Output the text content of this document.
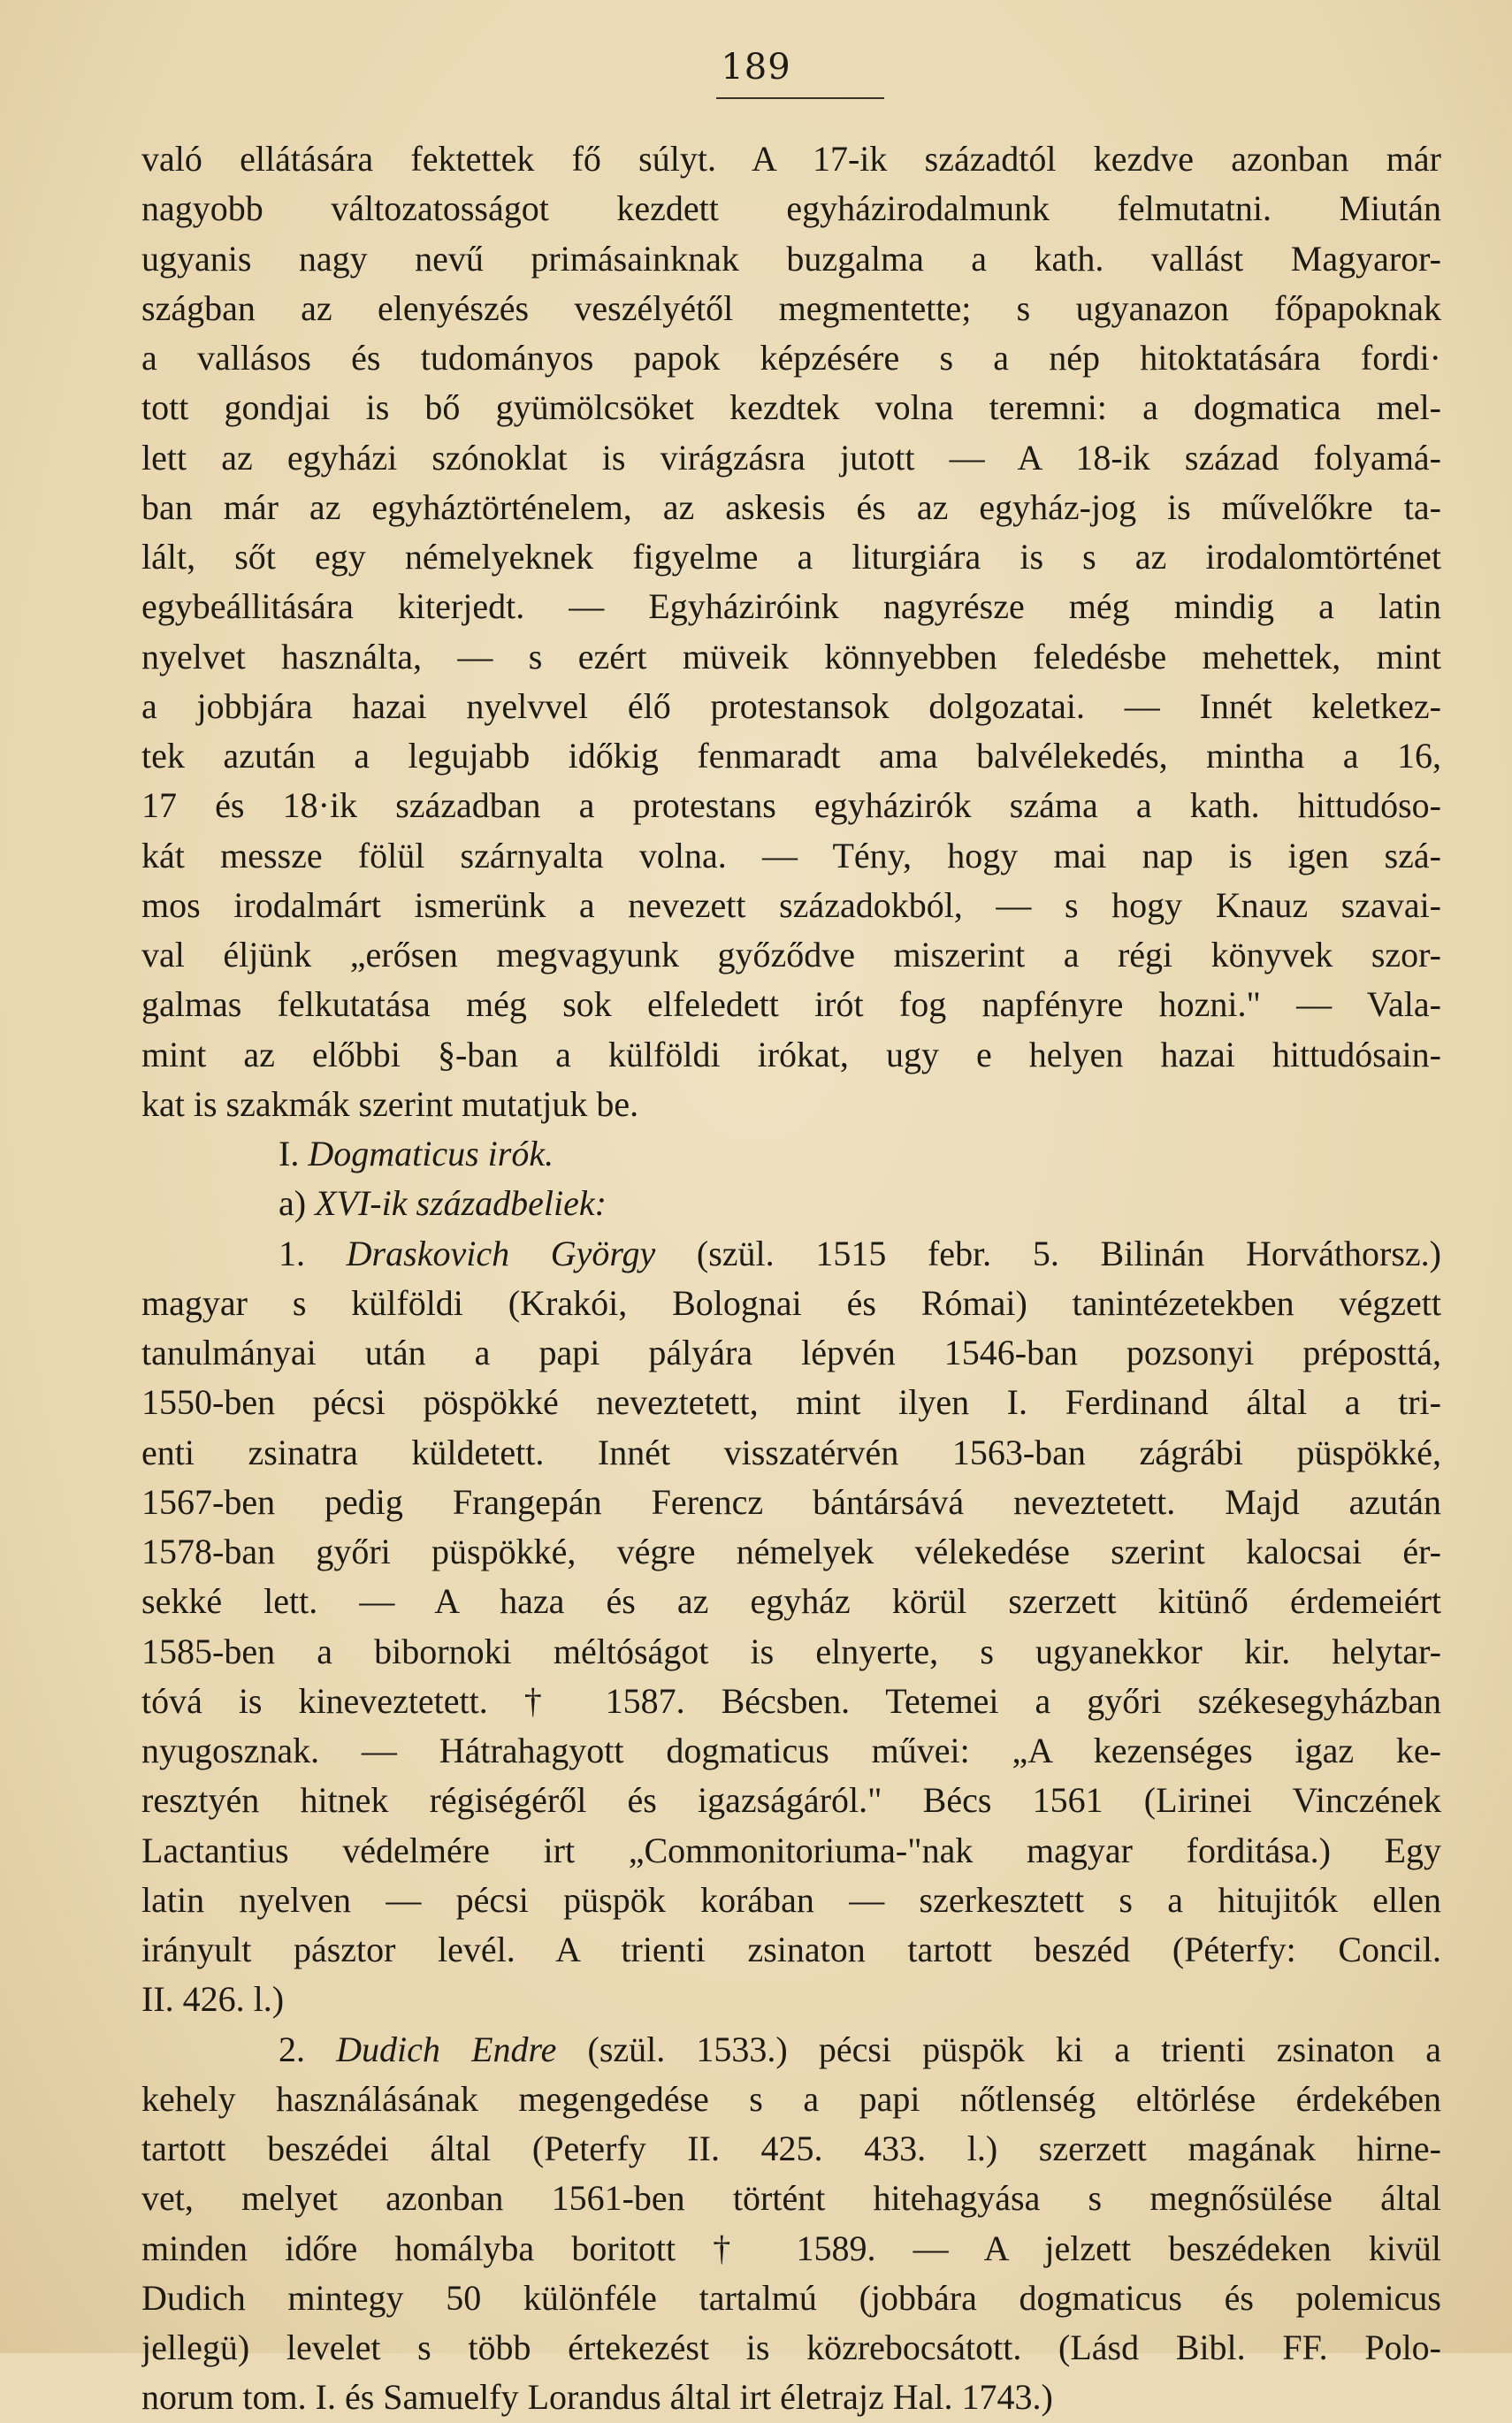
189
való ellátására fektettek fő súlyt. A 17-ik századtól kezdve azonban már
nagyobb változatosságot kezdett egyházirodalmunk felmutatni. Miután
ugyanis nagy nevű primásainknak buzgalma a kath. vallást Magyaror-
szágban az elenyészés veszélyétől megmentette; s ugyanazon főpapoknak
a vallásos és tudományos papok képzésére s a nép hitoktatására fordi·
tott gondjai is bő gyümölcsöket kezdtek volna teremni: a dogmatica mel-
lett az egyházi szónoklat is virágzásra jutott — A 18-ik század folyamá-
ban már az egyháztörténelem, az askesis és az egyház-jog is művelőkre ta-
lált, sőt egy némelyeknek figyelme a liturgiára is s az irodalomtörténet
egybeállitására kiterjedt. — Egyháziróink nagyrésze még mindig a latin
nyelvet használta, — s ezért müveik könnyebben feledésbe mehettek, mint
a jobbjára hazai nyelvvel élő protestansok dolgozatai. — Innét keletkez-
tek azután a legujabb időkig fenmaradt ama balvélekedés, mintha a 16,
17 és 18·ik században a protestans egyházirók száma a kath. hittudóso-
kát messze fölül szárnyalta volna. — Tény, hogy mai nap is igen szá-
mos irodalmárt ismerünk a nevezett századokból, — s hogy Knauz szavai-
val éljünk „erősen megvagyunk győződve miszerint a régi könyvek szor-
galmas felkutatása még sok elfeledett irót fog napfényre hozni." — Vala-
mint az előbbi §-ban a külföldi irókat, ugy e helyen hazai hittudósain-
kat is szakmák szerint mutatjuk be.
I. Dogmaticus irók.
a) XVI-ik századbeliek:
1. Draskovich György (szül. 1515 febr. 5. Bilinán Horváthorsz.)
magyar s külföldi (Krakói, Bolognai és Római) tanintézetekben végzett
tanulmányai után a papi pályára lépvén 1546-ban pozsonyi préposttá,
1550-ben pécsi pöspökké neveztetett, mint ilyen I. Ferdinand által a tri-
enti zsinatra küldetett. Innét visszatérvén 1563-ban zágrábi püspökké,
1567-ben pedig Frangepán Ferencz bántársává neveztetett. Majd azután
1578-ban győri püspökké, végre némelyek vélekedése szerint kalocsai ér-
sekké lett. — A haza és az egyház körül szerzett kitünő érdemeiért
1585-ben a bibornoki méltóságot is elnyerte, s ugyanekkor kir. helytar-
tóvá is kineveztetett. † 1587. Bécsben. Tetemei a győri székesegyházban
nyugosznak. — Hátrahagyott dogmaticus művei: „A kezenséges igaz ke-
resztyén hitnek régiségéről és igazságáról." Bécs 1561 (Lirinei Vinczének
Lactantius védelmére irt „Commonitoriuma-"nak magyar forditása.) Egy
latin nyelven — pécsi püspök korában — szerkesztett s a hitujitók ellen
irányult pásztor levél. A trienti zsinaton tartott beszéd (Péterfy: Concil.
II. 426. l.)
2. Dudich Endre (szül. 1533.) pécsi püspök ki a trienti zsinaton a
kehely használásának megengedése s a papi nőtlenség eltörlése érdekében
tartott beszédei által (Peterfy II. 425. 433. l.) szerzett magának hirne-
vet, melyet azonban 1561-ben történt hitehagyása s megnősülése által
minden időre homályba boritott † 1589. — A jelzett beszédeken kivül
Dudich mintegy 50 különféle tartalmú (jobbára dogmaticus és polemicus
jellegü) levelet s több értekezést is közrebocsátott. (Lásd Bibl. FF. Polo-
norum tom. I. és Samuelfy Lorandus által irt életrajz Hal. 1743.)
